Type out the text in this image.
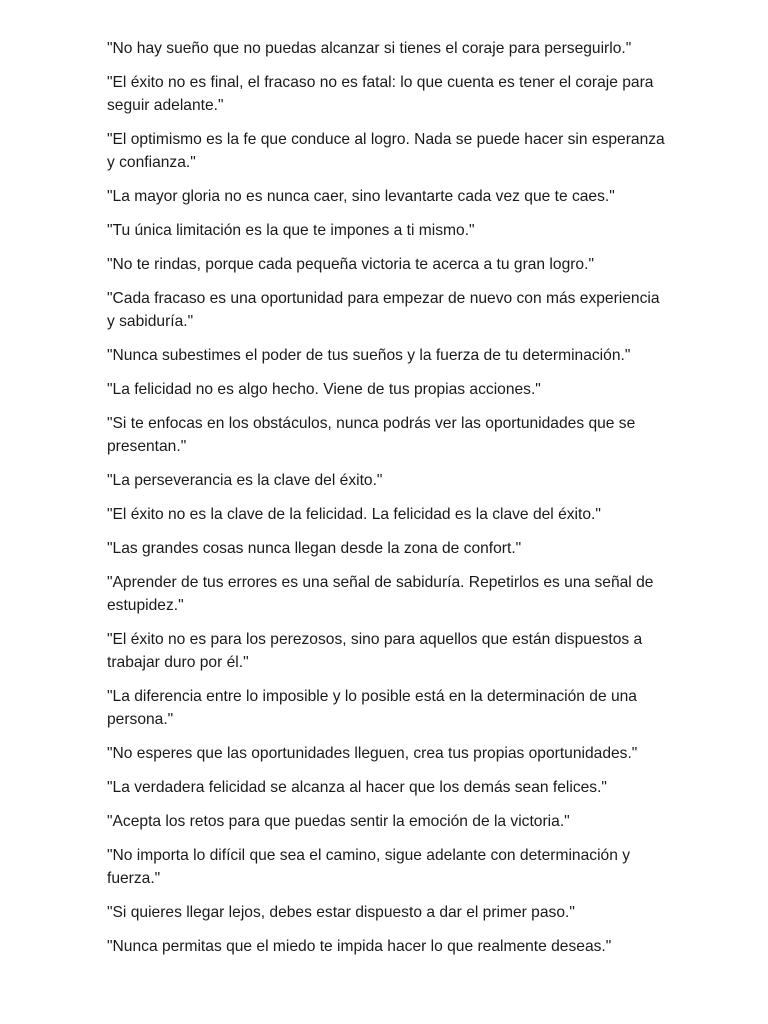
"No hay sueño que no puedas alcanzar si tienes el coraje para perseguirlo."

"El éxito no es final, el fracaso no es fatal: lo que cuenta es tener el coraje para seguir adelante."

"El optimismo es la fe que conduce al logro. Nada se puede hacer sin esperanza y confianza."

"La mayor gloria no es nunca caer, sino levantarte cada vez que te caes."

"Tu única limitación es la que te impones a ti mismo."

"No te rindas, porque cada pequeña victoria te acerca a tu gran logro."

"Cada fracaso es una oportunidad para empezar de nuevo con más experiencia y sabiduría."

"Nunca subestimes el poder de tus sueños y la fuerza de tu determinación."

"La felicidad no es algo hecho. Viene de tus propias acciones."

"Si te enfocas en los obstáculos, nunca podrás ver las oportunidades que se presentan."

"La perseverancia es la clave del éxito."

"El éxito no es la clave de la felicidad. La felicidad es la clave del éxito."

"Las grandes cosas nunca llegan desde la zona de confort."

"Aprender de tus errores es una señal de sabiduría. Repetirlos es una señal de estupidez."

"El éxito no es para los perezosos, sino para aquellos que están dispuestos a trabajar duro por él."

"La diferencia entre lo imposible y lo posible está en la determinación de una persona."

"No esperes que las oportunidades lleguen, crea tus propias oportunidades."

"La verdadera felicidad se alcanza al hacer que los demás sean felices."

"Acepta los retos para que puedas sentir la emoción de la victoria."

"No importa lo difícil que sea el camino, sigue adelante con determinación y fuerza."

"Si quieres llegar lejos, debes estar dispuesto a dar el primer paso."

"Nunca permitas que el miedo te impida hacer lo que realmente deseas."
